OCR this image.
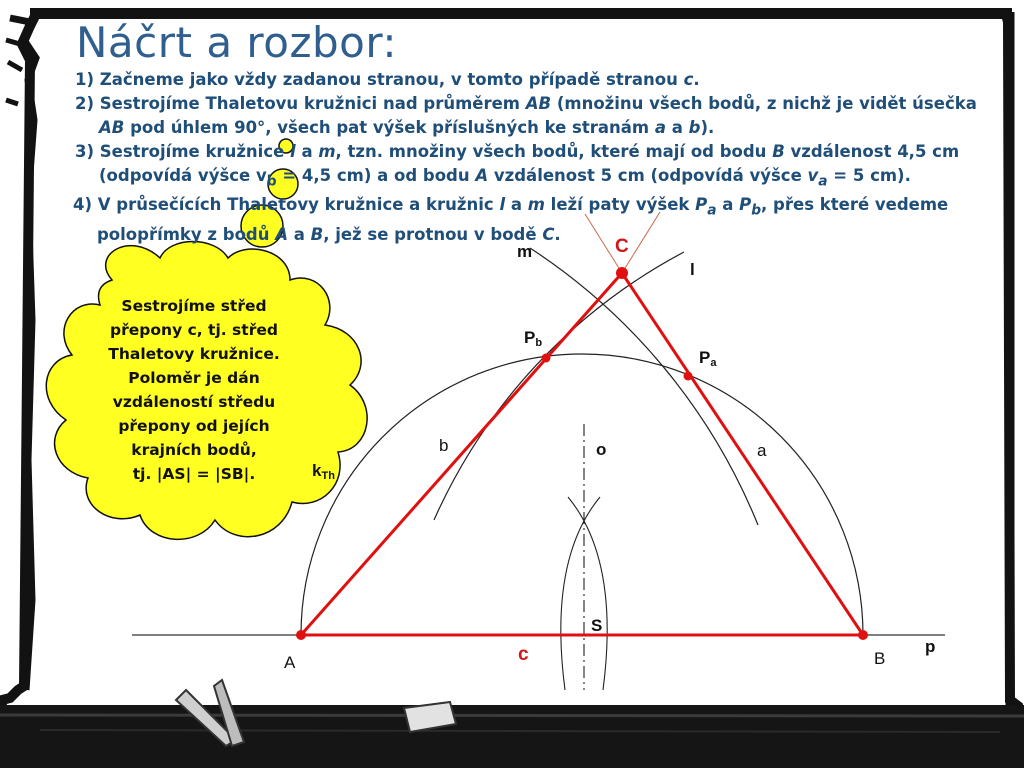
Náčrt a rozbor:

1) Začneme jako vždy zadanou stranou, v tomto případě stranou c.

2) Sestrojíme Thaletovu kružnici nad průměrem AB (množinu všech bodů, z nichž je vidět úsečka AB pod úhlem 90°, všech pat výšek příslušných ke stranám a a b).

3) Sestrojíme kružnice l a m, tzn. množiny všech bodů, které mají od bodu B vzdálenost 4,5 cm (odpovídá výšce $v_b = 4,5$ cm) a od bodu A vzdálenost 5 cm (odpovídá výšce $v_a = 5$ cm).

4) V průsečících Thaletovy kružnice a kružnic l a m leží paty výšek $P_a$ a $P_b$, přes které vedeme polopřímky z bodů A a B, jež se protnou v bodě C.

Sestrojíme střed
přepony c, tj. střed
Thaletovy kružnice.
Poloměr je dán
vzdáleností středu
přepony od jejích
krajních bodů,
tj. |AS| = |SB|.
A	B
C
c
a
b
S
o
p
m
l
$P_b$
$P_a$
$k_{Th}$
